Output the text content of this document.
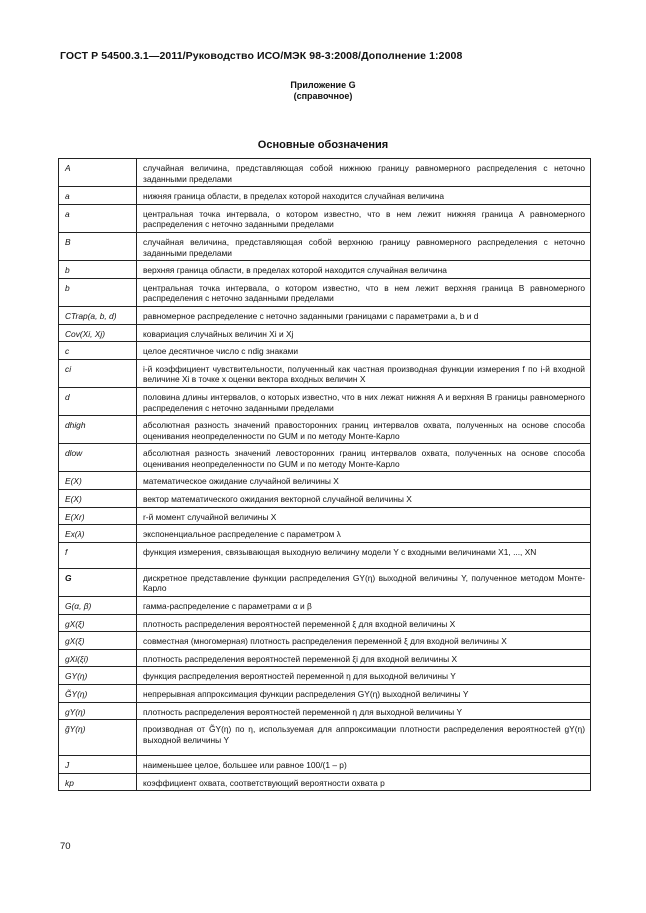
ГОСТ Р 54500.3.1—2011/Руководство ИСО/МЭК 98-3:2008/Дополнение 1:2008
Приложение G
(справочное)
Основные обозначения
A	случайная величина, представляющая собой нижнюю границу равномерного распределения с неточно заданными пределами
a	нижняя граница области, в пределах которой находится случайная величина
a	центральная точка интервала, о котором известно, что в нем лежит нижняя граница A равномерного распределения с неточно заданными пределами
B	случайная величина, представляющая собой верхнюю границу равномерного распределения с неточно заданными пределами
b	верхняя граница области, в пределах которой находится случайная величина
b	центральная точка интервала, о котором известно, что в нем лежит верхняя граница B равномерного распределения с неточно заданными пределами
CTrap(a, b, d)	равномерное распределение с неточно заданными границами с параметрами a, b и d
Cov(Xi, Xj)	ковариация случайных величин Xi и Xj
c	целое десятичное число с ndig знаками
ci	i-й коэффициент чувствительности, полученный как частная производная функции измерения f по i-й входной величине Xi в точке x оценки вектора входных величин X
d	половина длины интервалов, о которых известно, что в них лежат нижняя A и верхняя B границы равномерного распределения с неточно заданными пределами
dhigh	абсолютная разность значений правосторонних границ интервалов охвата, полученных на основе способа оценивания неопределенности по GUM и по методу Монте-Карло
dlow	абсолютная разность значений левосторонних границ интервалов охвата, полученных на основе способа оценивания неопределенности по GUM и по методу Монте-Карло
E(X)	математическое ожидание случайной величины X
E(X)	вектор математического ожидания векторной случайной величины X
E(Xr)	r-й момент случайной величины X
Ex(λ)	экспоненциальное распределение с параметром λ
f	функция измерения, связывающая выходную величину модели Y с входными величинами X1, ..., XN
G	дискретное представление функции распределения GY(η) выходной величины Y, полученное методом Монте-Карло
G(α, β)	гамма-распределение с параметрами α и β
gX(ξ)	плотность распределения вероятностей переменной ξ для входной величины X
gX(ξ)	совместная (многомерная) плотность распределения переменной ξ для входной величины X
gXi(ξi)	плотность распределения вероятностей переменной ξi для входной величины X
GY(η)	функция распределения вероятностей переменной η для выходной величины Y
G̃Y(η)	непрерывная аппроксимация функции распределения GY(η) выходной величины Y
gY(η)	плотность распределения вероятностей переменной η для выходной величины Y
g̃Y(η)	производная от G̃Y(η) по η, используемая для аппроксимации плотности распределения вероятностей gY(η) выходной величины Y
J	наименьшее целое, большее или равное 100/(1 – p)
kp	коэффициент охвата, соответствующий вероятности охвата p
70
